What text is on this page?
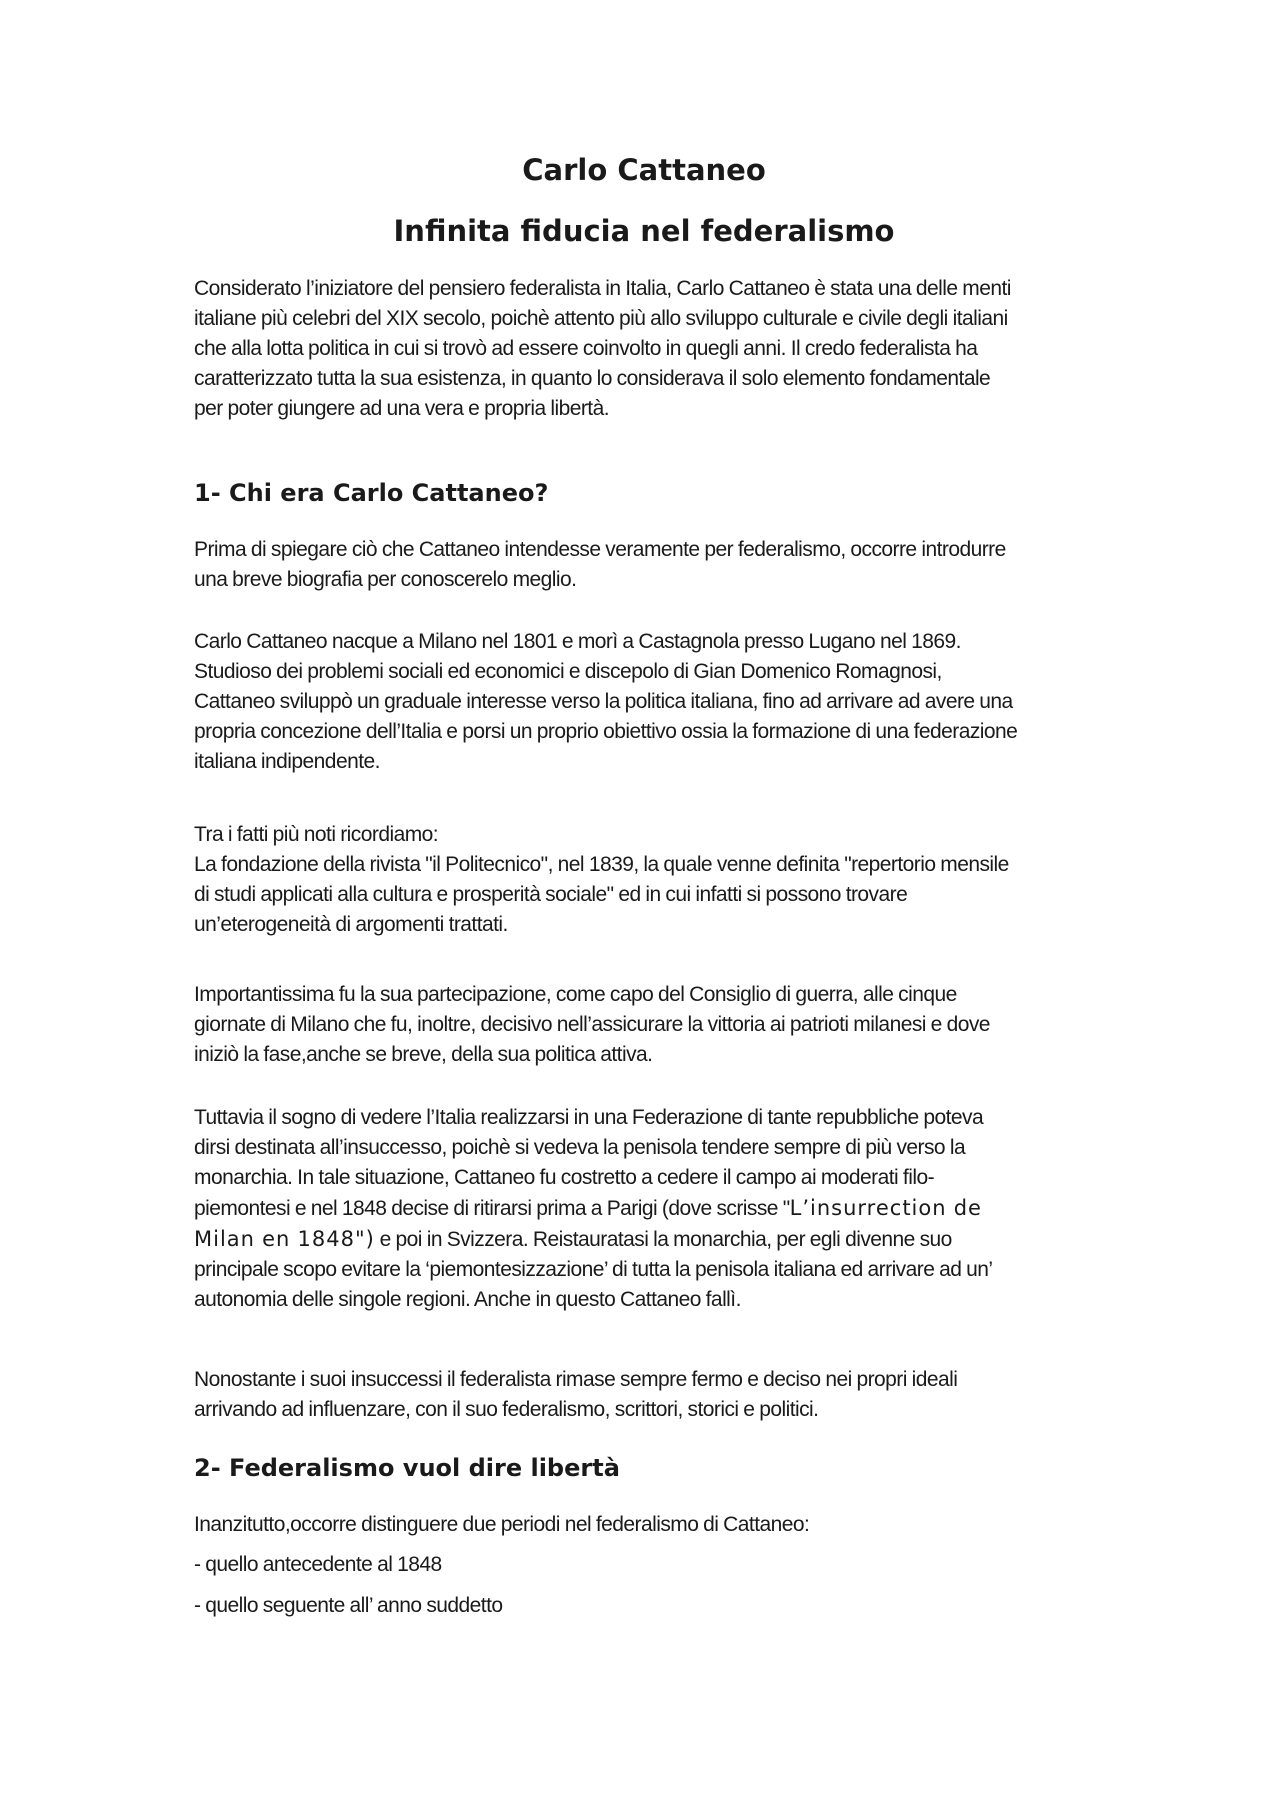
Carlo Cattaneo
Infinita fiducia nel federalismo

Considerato l’iniziatore del pensiero federalista in Italia, Carlo Cattaneo è stata una delle menti
italiane più celebri del XIX secolo, poichè attento più allo sviluppo culturale e civile degli italiani
che alla lotta politica in cui si trovò ad essere coinvolto in quegli anni. Il credo federalista ha
caratterizzato tutta la sua esistenza, in quanto lo considerava il solo elemento fondamentale
per poter giungere ad una vera e propria libertà.

1- Chi era Carlo Cattaneo?

Prima di spiegare ciò che Cattaneo intendesse veramente per federalismo, occorre introdurre
una breve biografia per conoscerelo meglio.

Carlo Cattaneo nacque a Milano nel 1801 e morì a Castagnola presso Lugano nel 1869.
Studioso dei problemi sociali ed economici e discepolo di Gian Domenico Romagnosi,
Cattaneo sviluppò un graduale interesse verso la politica italiana, fino ad arrivare ad avere una
propria concezione dell’Italia e porsi un proprio obiettivo ossia la formazione di una federazione
italiana indipendente.

Tra i fatti più noti ricordiamo:
La fondazione della rivista "il Politecnico", nel 1839, la quale venne definita "repertorio mensile
di studi applicati alla cultura e prosperità sociale" ed in cui infatti si possono trovare
un’eterogeneità di argomenti trattati.

Importantissima fu la sua partecipazione, come capo del Consiglio di guerra, alle cinque
giornate di Milano che fu, inoltre, decisivo nell’assicurare la vittoria ai patrioti milanesi e dove
iniziò la fase,anche se breve, della sua politica attiva.

Tuttavia il sogno di vedere l’Italia realizzarsi in una Federazione di tante repubbliche poteva
dirsi destinata all’insuccesso, poichè si vedeva la penisola tendere sempre di più verso la
monarchia. In tale situazione, Cattaneo fu costretto a cedere il campo ai moderati filo-
piemontesi e nel 1848 decise di ritirarsi prima a Parigi (dove scrisse "L’insurrection de
Milan en 1848") e poi in Svizzera. Reistauratasi la monarchia, per egli divenne suo
principale scopo evitare la ‘piemontesizzazione’ di tutta la penisola italiana ed arrivare ad un’
autonomia delle singole regioni. Anche in questo Cattaneo fallì.

Nonostante i suoi insuccessi il federalista rimase sempre fermo e deciso nei propri ideali
arrivando ad influenzare, con il suo federalismo, scrittori, storici e politici.

2- Federalismo vuol dire libertà

Inanzitutto,occorre distinguere due periodi nel federalismo di Cattaneo:

- quello antecedente al 1848

- quello seguente all’ anno suddetto
